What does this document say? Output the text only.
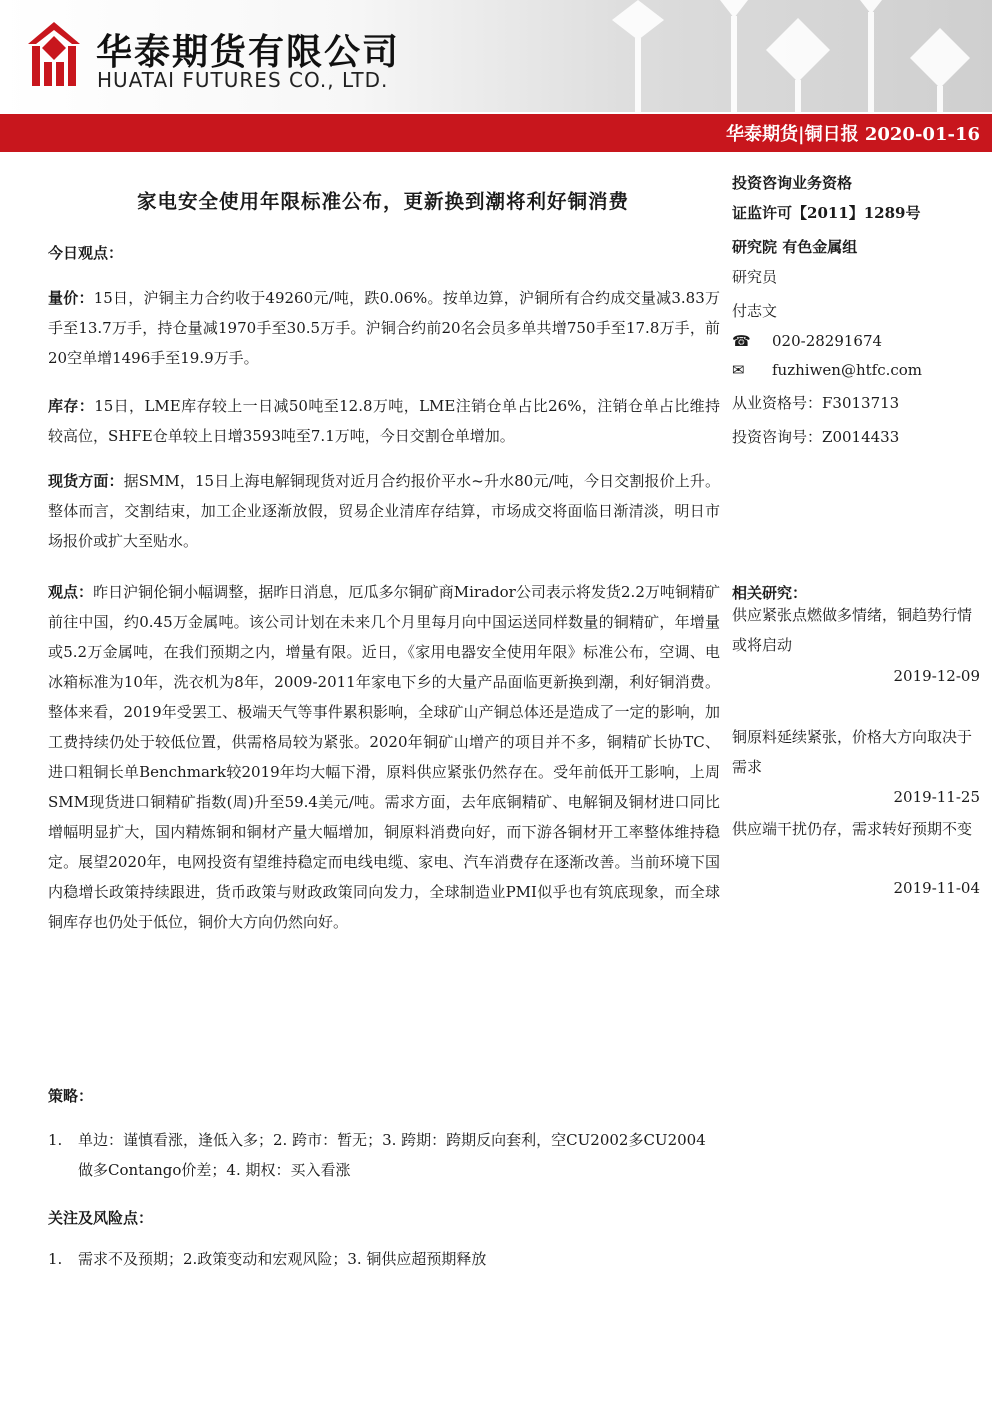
华泰期货有限公司
HUATAI FUTURES CO., LTD.
华泰期货|铜日报 2020-01-16
家电安全使用年限标准公布，更新换到潮将利好铜消费
今日观点：
量价：15日，沪铜主力合约收于49260元/吨，跌0.06%。按单边算，沪铜所有合约成交量减3.83万手至13.7万手，持仓量减1970手至30.5万手。沪铜合约前20名会员多单共增750手至17.8万手，前20空单增1496手至19.9万手。
库存：15日，LME库存较上一日减50吨至12.8万吨，LME注销仓单占比26%，注销仓单占比维持较高位，SHFE仓单较上日增3593吨至7.1万吨，今日交割仓单增加。
现货方面：据SMM，15日上海电解铜现货对近月合约报价平水~升水80元/吨，今日交割报价上升。整体而言，交割结束，加工企业逐渐放假，贸易企业清库存结算，市场成交将面临日渐清淡，明日市场报价或扩大至贴水。
观点：昨日沪铜伦铜小幅调整，据昨日消息，厄瓜多尔铜矿商Mirador公司表示将发货2.2万吨铜精矿前往中国，约0.45万金属吨。该公司计划在未来几个月里每月向中国运送同样数量的铜精矿，年增量或5.2万金属吨，在我们预期之内，增量有限。近日，《家用电器安全使用年限》标准公布，空调、电冰箱标准为10年，洗衣机为8年，2009-2011年家电下乡的大量产品面临更新换到潮，利好铜消费。整体来看，2019年受罢工、极端天气等事件累积影响，全球矿山产铜总体还是造成了一定的影响，加工费持续仍处于较低位置，供需格局较为紧张。2020年铜矿山增产的项目并不多，铜精矿长协TC、进口粗铜长单Benchmark较2019年均大幅下滑，原料供应紧张仍然存在。受年前低开工影响，上周SMM现货进口铜精矿指数(周)升至59.4美元/吨。需求方面，去年底铜精矿、电解铜及铜材进口同比增幅明显扩大，国内精炼铜和铜材产量大幅增加，铜原料消费向好，而下游各铜材开工率整体维持稳定。展望2020年，电网投资有望维持稳定而电线电缆、家电、汽车消费存在逐渐改善。当前环境下国内稳增长政策持续跟进，货币政策与财政政策同向发力，全球制造业PMI似乎也有筑底现象，而全球铜库存也仍处于低位，铜价大方向仍然向好。
策略：
1. 单边：谨慎看涨，逢低入多；2. 跨市：暂无；3. 跨期：跨期反向套利，空CU2002多CU2004做多Contango价差；4. 期权：买入看涨
关注及风险点：
1. 需求不及预期；2.政策变动和宏观风险；3. 铜供应超预期释放
投资咨询业务资格
证监许可【2011】1289号
研究院 有色金属组
研究员
付志文
☎ 020-28291674
✉ fuzhiwen@htfc.com
从业资格号：F3013713
投资咨询号：Z0014433
相关研究：
供应紧张点燃做多情绪，铜趋势行情或将启动
2019-12-09
铜原料延续紧张，价格大方向取决于需求
2019-11-25
供应端干扰仍存，需求转好预期不变
2019-11-04
